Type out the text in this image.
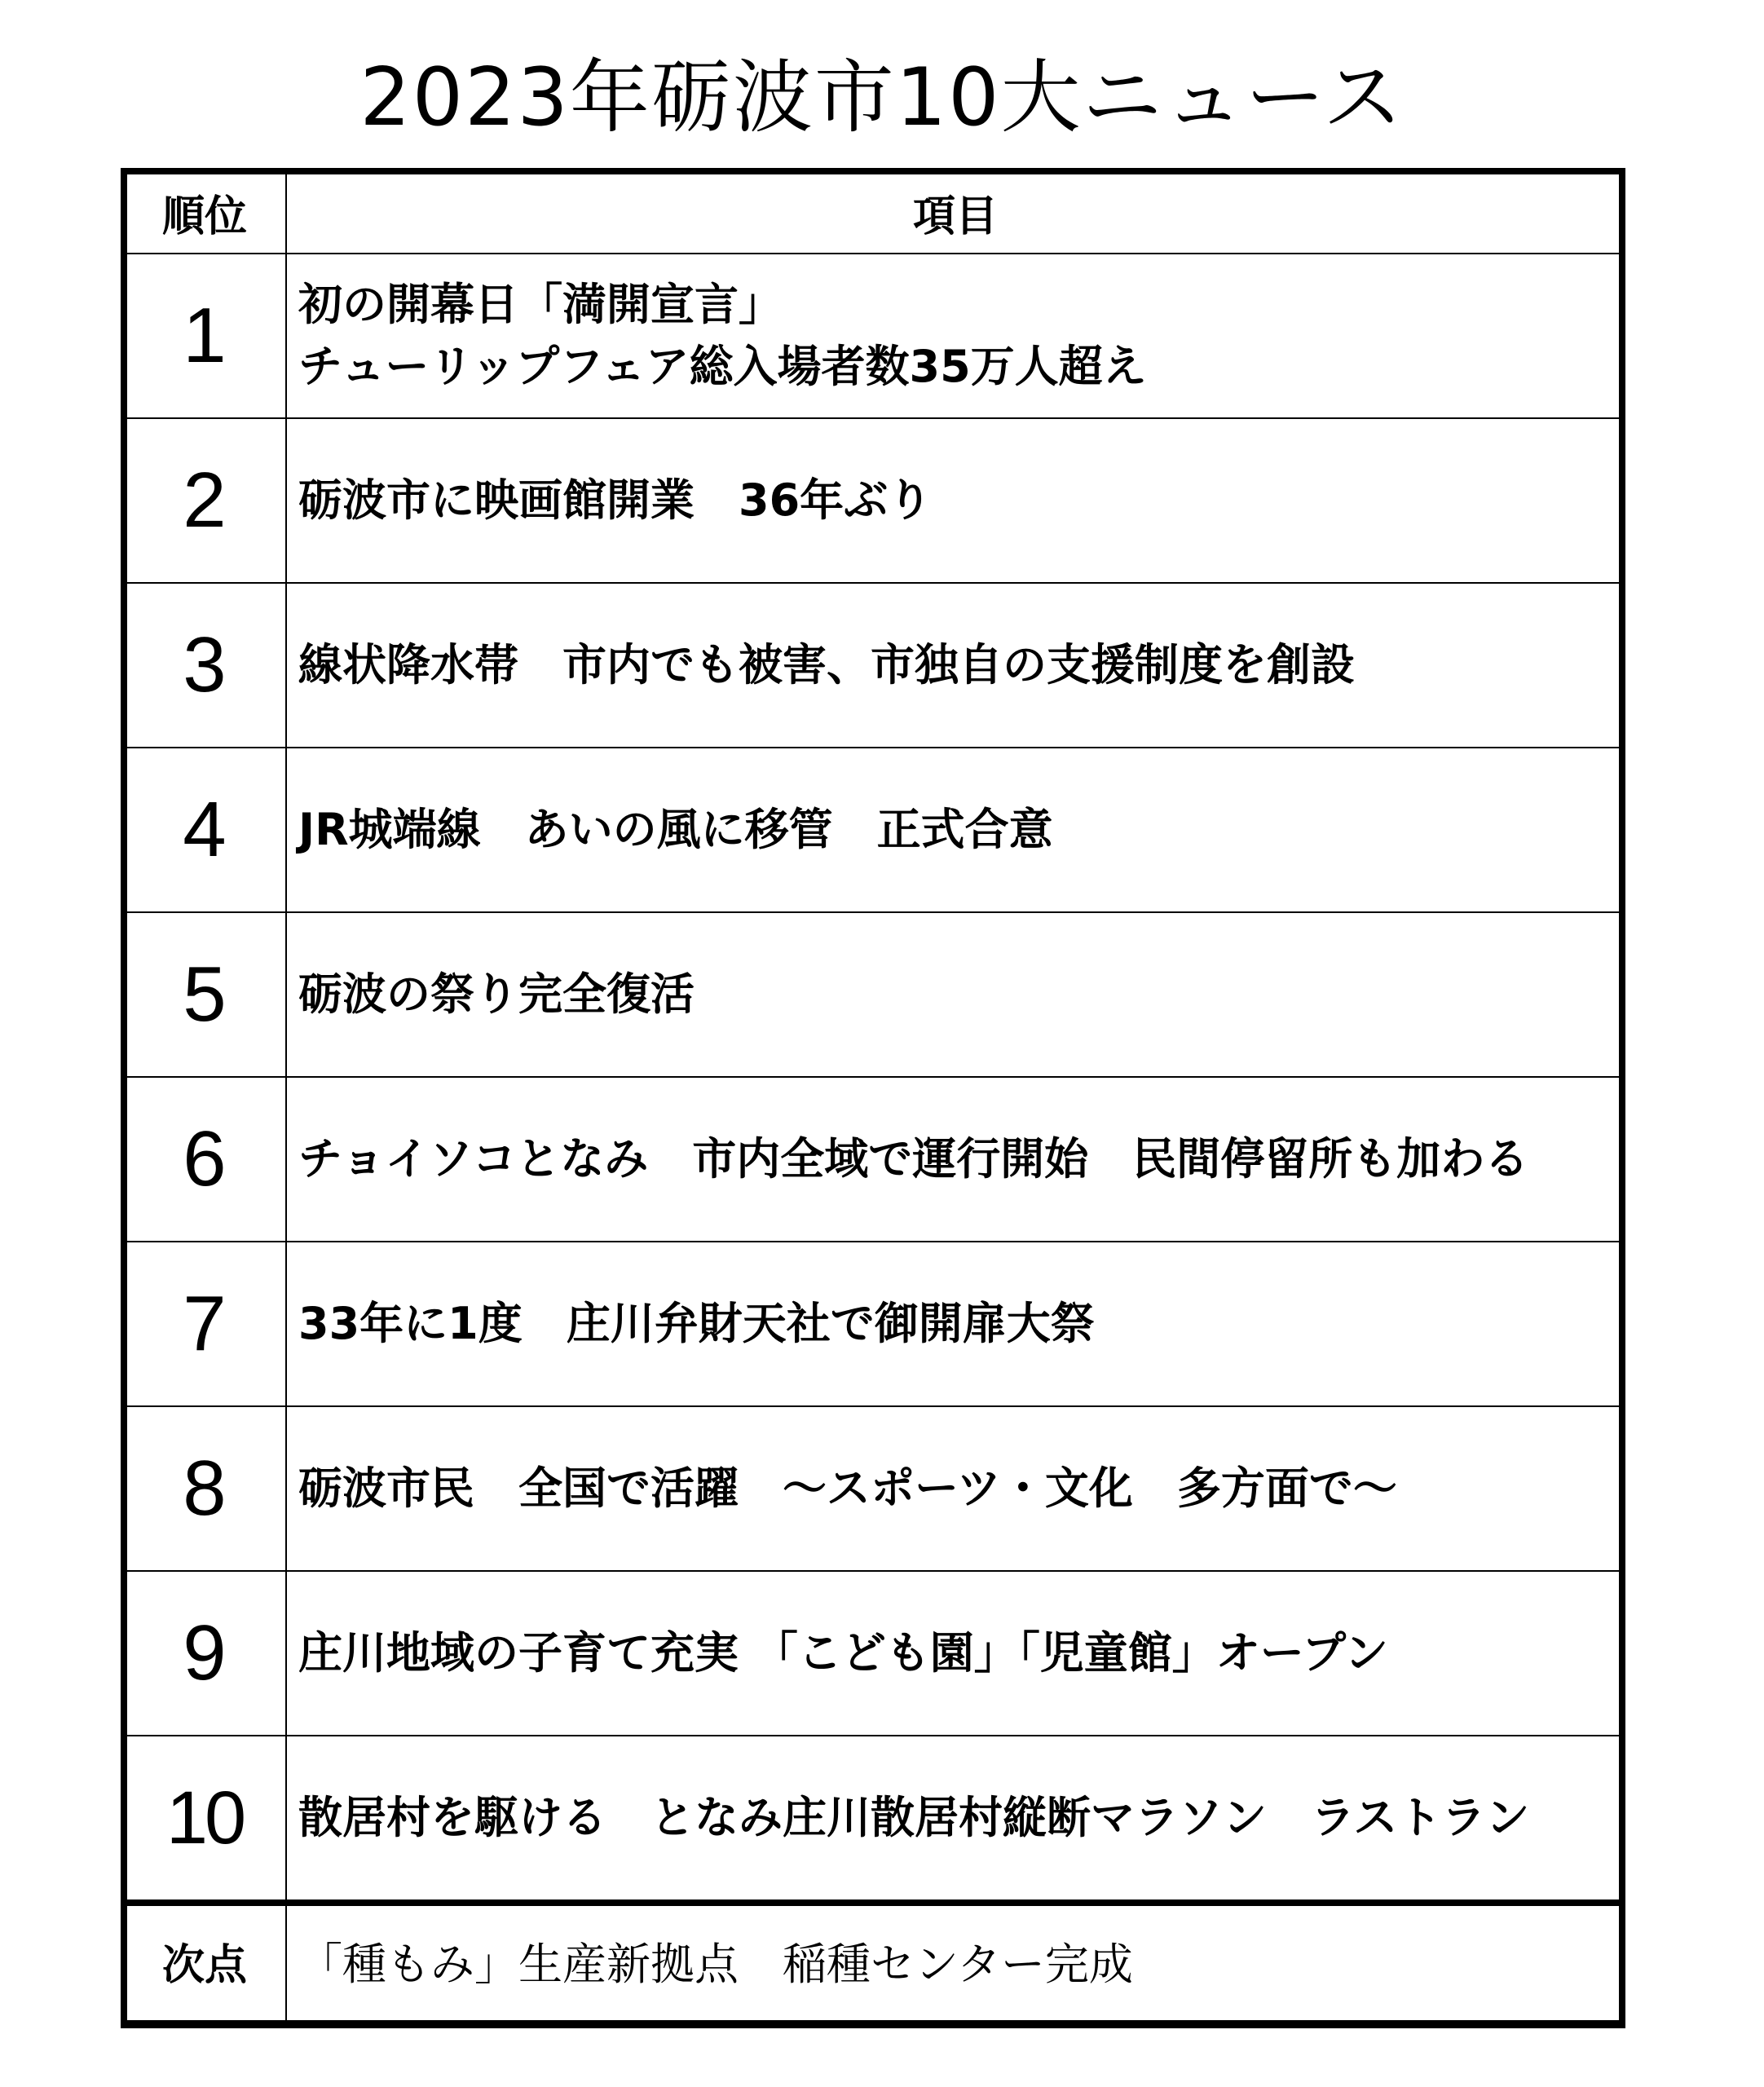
2023年砺波市10大ニュース
順位	項目
1	初の開幕日「満開宣言」
チューリップフェア総入場者数35万人超え

2	砺波市に映画館開業　36年ぶり

3	線状降水帯　市内でも被害、市独自の支援制度を創設

4	JR城端線　あいの風に移管　正式合意

5	砺波の祭り完全復活

6	チョイソコとなみ　市内全域で運行開始　民間停留所も加わる

7	33年に1度　庄川弁財天社で御開扉大祭

8	砺波市民　全国で活躍　～スポーツ・文化　多方面で～

9	庄川地域の子育て充実 「こども園」「児童館」オープン

10	散居村を駆ける　となみ庄川散居村縦断マラソン　ラストラン

次点	「種もみ」生産新拠点　稲種センター完成
